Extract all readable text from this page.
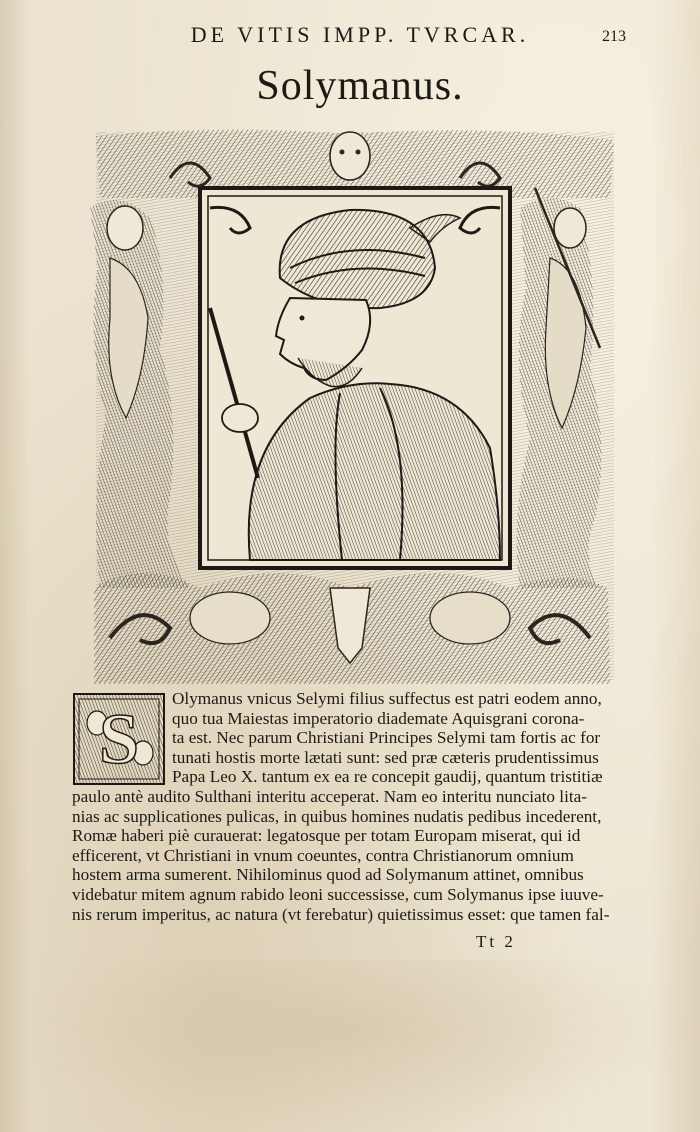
DE VITIS IMPP. TVRCAR.	213
Solymanus.
S
Olymanus vnicus Selymi filius suffectus est patri eodem anno,
quo tua Maiestas imperatorio diademate Aquisgrani corona-
ta est. Nec parum Christiani Principes Selymi tam fortis ac for
tunati hostis morte lætati sunt: sed præ cæteris prudentissimus
Papa Leo X. tantum ex ea re concepit gaudij, quantum tristitiæ
paulo antè audito Sulthani interitu acceperat. Nam eo interitu nunciato lita-
nias ac supplicationes pulicas, in quibus homines nudatis pedibus incederent,
Romæ haberi piè curauerat: legatosque per totam Europam miserat, qui id
efficerent, vt Christiani in vnum coeuntes, contra Christianorum omnium
hostem arma sumerent. Nihilominus quod ad Solymanum attinet, omnibus
videbatur mitem agnum rabido leoni successisse, cum Solymanus ipse iuuve-
nis rerum imperitus, ac natura (vt ferebatur) quietissimus esset: que tamen fal-
Tt 2
